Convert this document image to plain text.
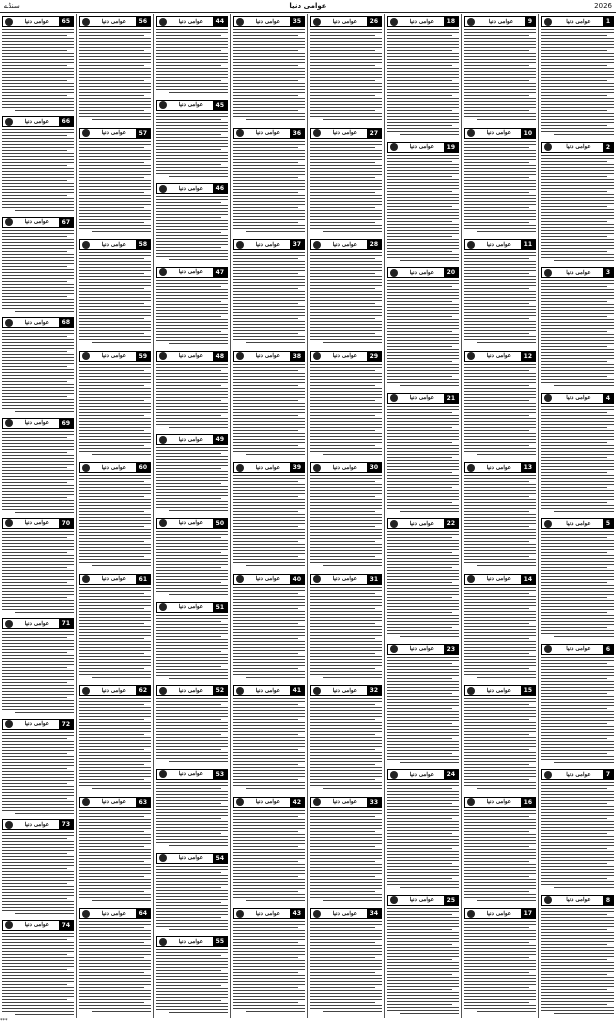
سنڈے	عوامی دنیا	2026
عوامی دنیا	1
عوامی دنیا	2
عوامی دنیا	3
عوامی دنیا	4
عوامی دنیا	5
عوامی دنیا	6
عوامی دنیا	7
عوامی دنیا	8
عوامی دنیا	9
عوامی دنیا	10
عوامی دنیا	11
عوامی دنیا	12
عوامی دنیا	13
عوامی دنیا	14
عوامی دنیا	15
عوامی دنیا	16
عوامی دنیا	17
عوامی دنیا	18
عوامی دنیا	19
عوامی دنیا	20
عوامی دنیا	21
عوامی دنیا	22
عوامی دنیا	23
عوامی دنیا	24
عوامی دنیا	25
عوامی دنیا	26
عوامی دنیا	27
عوامی دنیا	28
عوامی دنیا	29
عوامی دنیا	30
عوامی دنیا	31
عوامی دنیا	32
عوامی دنیا	33
عوامی دنیا	34
عوامی دنیا	35
عوامی دنیا	36
عوامی دنیا	37
عوامی دنیا	38
عوامی دنیا	39
عوامی دنیا	40
عوامی دنیا	41
عوامی دنیا	42
عوامی دنیا	43
عوامی دنیا	44
عوامی دنیا	45
عوامی دنیا	46
عوامی دنیا	47
عوامی دنیا	48
عوامی دنیا	49
عوامی دنیا	50
عوامی دنیا	51
عوامی دنیا	52
عوامی دنیا	53
عوامی دنیا	54
عوامی دنیا	55
عوامی دنیا	56
عوامی دنیا	57
عوامی دنیا	58
عوامی دنیا	59
عوامی دنیا	60
عوامی دنیا	61
عوامی دنیا	62
عوامی دنیا	63
عوامی دنیا	64
عوامی دنیا	65
عوامی دنیا	66
عوامی دنیا	67
عوامی دنیا	68
عوامی دنیا	69
عوامی دنیا	70
عوامی دنیا	71
عوامی دنیا	72
عوامی دنیا	73
عوامی دنیا	74
***
